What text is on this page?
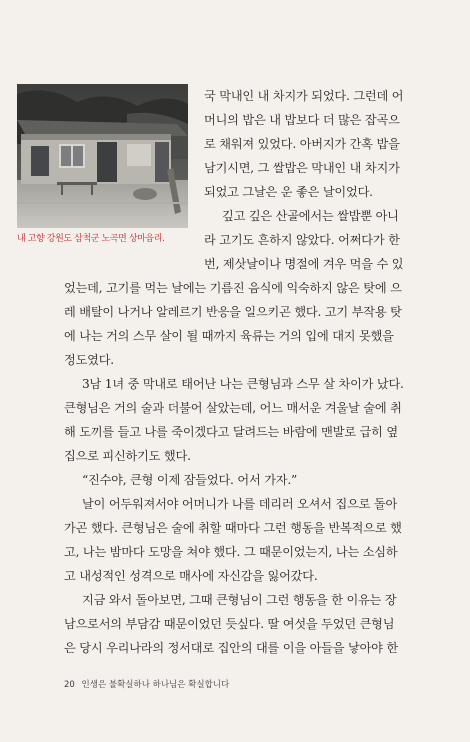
내 고향 강원도 삼척군 노곡면 상마읍리.
국 막내인 내 차지가 되었다. 그런데 어
머니의 밥은 내 밥보다 더 많은 잡곡으
로 채워져 있었다. 아버지가 간혹 밥을
남기시면, 그 쌀밥은 막내인 내 차지가
되었고 그날은 운 좋은 날이었다.
깊고 깊은 산골에서는 쌀밥뿐 아니
라 고기도 흔하지 않았다. 어쩌다가 한
번, 제삿날이나 명절에 겨우 먹을 수 있
었는데, 고기를 먹는 날에는 기름진 음식에 익숙하지 않은 탓에 으
레 배탈이 나거나 알레르기 반응을 일으키곤 했다. 고기 부작용 탓
에 나는 거의 스무 살이 될 때까지 육류는 거의 입에 대지 못했을
정도였다.
3남 1녀 중 막내로 태어난 나는 큰형님과 스무 살 차이가 났다.
큰형님은 거의 술과 더불어 살았는데, 어느 매서운 겨울날 술에 취
해 도끼를 들고 나를 죽이겠다고 달려드는 바람에 맨발로 급히 옆
집으로 피신하기도 했다.
“진수야, 큰형 이제 잠들었다. 어서 가자.”
날이 어두워져서야 어머니가 나를 데리러 오셔서 집으로 돌아
가곤 했다. 큰형님은 술에 취할 때마다 그런 행동을 반복적으로 했
고, 나는 밤마다 도망을 쳐야 했다. 그 때문이었는지, 나는 소심하
고 내성적인 성격으로 매사에 자신감을 잃어갔다.
지금 와서 돌아보면, 그때 큰형님이 그런 행동을 한 이유는 장
남으로서의 부담감 때문이었던 듯싶다. 딸 여섯을 두었던 큰형님
은 당시 우리나라의 정서대로 집안의 대를 이을 아들을 낳아야 한
20 인생은 불확실하나 하나님은 확실합니다
